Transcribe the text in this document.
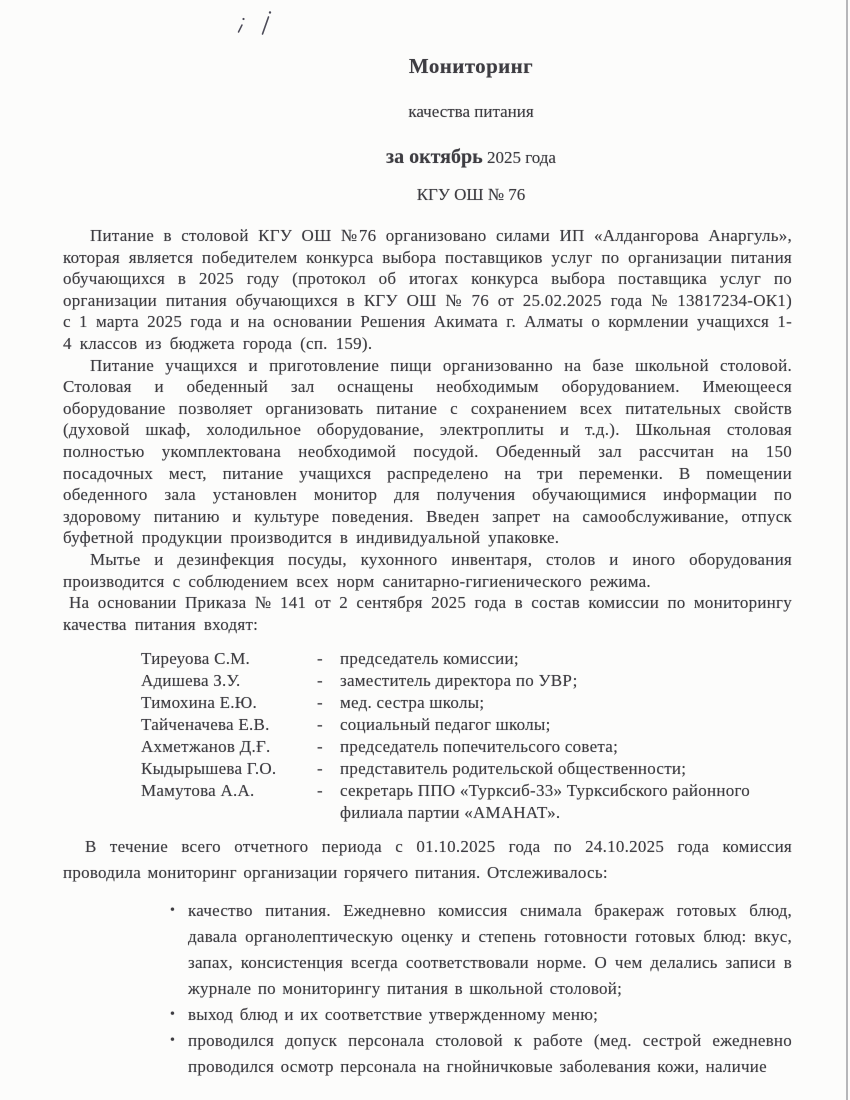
Мониторинг
качества питания
за октябрь 2025 года
КГУ ОШ № 76

Питание в столовой КГУ ОШ №76 организовано силами ИП «Алдангорова Анаргуль», которая является победителем конкурса выбора поставщиков услуг по организации питания обучающихся в 2025 году (протокол об итогах конкурса выбора поставщика услуг по организации питания обучающихся в КГУ ОШ № 76 от 25.02.2025 года № 13817234-ОК1) с 1 марта 2025 года и на основании Решения Акимата г. Алматы о кормлении учащихся 1-4 классов из бюджета города (сп. 159).

Питание учащихся и приготовление пищи организованно на базе школьной столовой. Столовая и обеденный зал оснащены необходимым оборудованием. Имеющееся оборудование позволяет организовать питание с сохранением всех питательных свойств (духовой шкаф, холодильное оборудование, электроплиты и т.д.). Школьная столовая полностью укомплектована необходимой посудой. Обеденный зал рассчитан на 150 посадочных мест, питание учащихся распределено на три переменки. В помещении обеденного зала установлен монитор для получения обучающимися информации по здоровому питанию и культуре поведения. Введен запрет на самообслуживание, отпуск буфетной продукции производится в индивидуальной упаковке.

Мытье и дезинфекция посуды, кухонного инвентаря, столов и иного оборудования производится с соблюдением всех норм санитарно-гигиенического режима.

На основании Приказа № 141 от 2 сентября 2025 года в состав комиссии по мониторингу качества питания входят:

Тиреуова С.М.	-	председатель комиссии;
Адишева З.У.	-	заместитель директора по УВР;
Тимохина Е.Ю.	-	мед. сестра школы;
Тайченачева Е.В.	-	социальный педагог школы;
Ахметжанов Д.Ғ.	-	председатель попечительсого совета;
Кыдырышева Г.О.	-	представитель родительской общественности;
Мамутова А.А.	-	секретарь ППО «Турксиб-33» Турксибского районного филиала партии «АМАНАТ».

В течение всего отчетного периода с 01.10.2025 года по 24.10.2025 года комиссия проводила мониторинг организации горячего питания. Отслеживалось:

• качество питания. Ежедневно комиссия снимала бракераж готовых блюд, давала органолептическую оценку и степень готовности готовых блюд: вкус, запах, консистенция всегда соответствовали норме. О чем делались записи в журнале по мониторингу питания в школьной столовой;
• выход блюд и их соответствие утвержденному меню;
• проводился допуск персонала столовой к работе (мед. сестрой ежедневно проводился осмотр персонала на гнойничковые заболевания кожи, наличие
